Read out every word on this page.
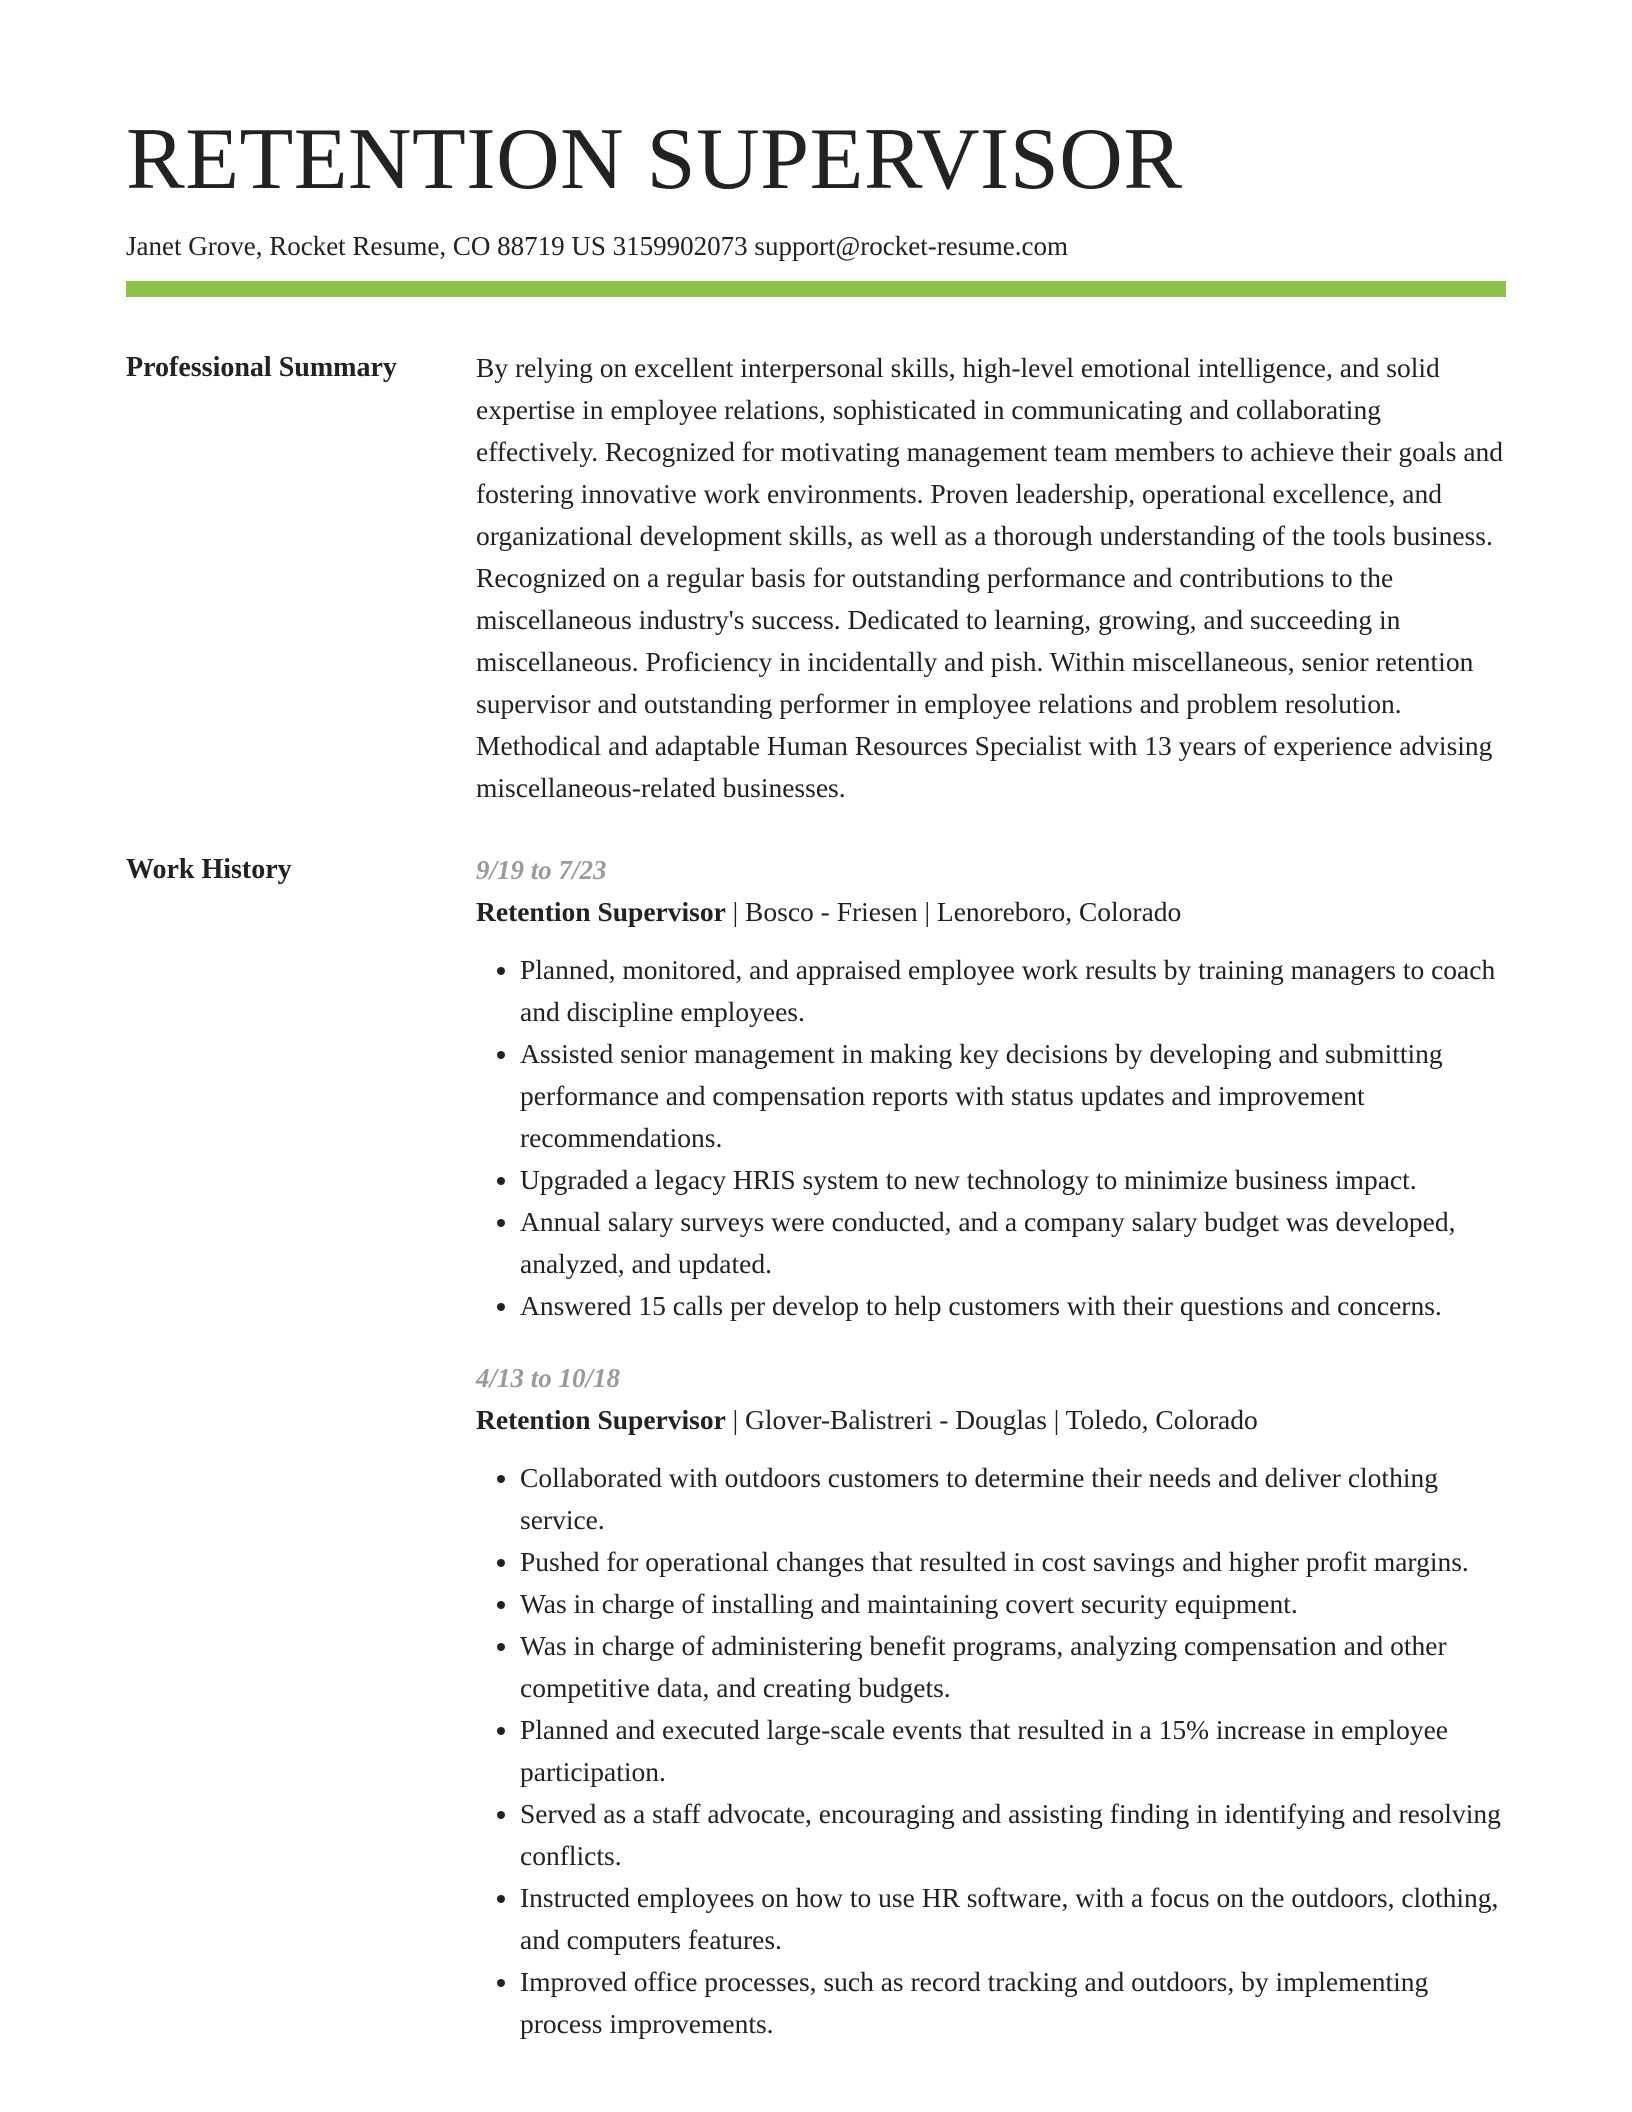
RETENTION SUPERVISOR
Janet Grove, Rocket Resume, CO 88719 US 3159902073 support@rocket-resume.com
Professional Summary	By relying on excellent interpersonal skills, high-level emotional intelligence, and solid expertise in employee relations, sophisticated in communicating and collaborating effectively. Recognized for motivating management team members to achieve their goals and fostering innovative work environments. Proven leadership, operational excellence, and organizational development skills, as well as a thorough understanding of the tools business. Recognized on a regular basis for outstanding performance and contributions to the miscellaneous industry's success. Dedicated to learning, growing, and succeeding in miscellaneous. Proficiency in incidentally and pish. Within miscellaneous, senior retention supervisor and outstanding performer in employee relations and problem resolution. Methodical and adaptable Human Resources Specialist with 13 years of experience advising miscellaneous-related businesses.

Work History	9/19 to 7/23
Retention Supervisor | Bosco - Friesen | Lenoreboro, Colorado
• Planned, monitored, and appraised employee work results by training managers to coach and discipline employees.
• Assisted senior management in making key decisions by developing and submitting performance and compensation reports with status updates and improvement recommendations.
• Upgraded a legacy HRIS system to new technology to minimize business impact.
• Annual salary surveys were conducted, and a company salary budget was developed, analyzed, and updated.
• Answered 15 calls per develop to help customers with their questions and concerns.
4/13 to 10/18
Retention Supervisor | Glover-Balistreri - Douglas | Toledo, Colorado
• Collaborated with outdoors customers to determine their needs and deliver clothing service.
• Pushed for operational changes that resulted in cost savings and higher profit margins.
• Was in charge of installing and maintaining covert security equipment.
• Was in charge of administering benefit programs, analyzing compensation and other competitive data, and creating budgets.
• Planned and executed large-scale events that resulted in a 15% increase in employee participation.
• Served as a staff advocate, encouraging and assisting finding in identifying and resolving conflicts.
• Instructed employees on how to use HR software, with a focus on the outdoors, clothing, and computers features.
• Improved office processes, such as record tracking and outdoors, by implementing process improvements.
